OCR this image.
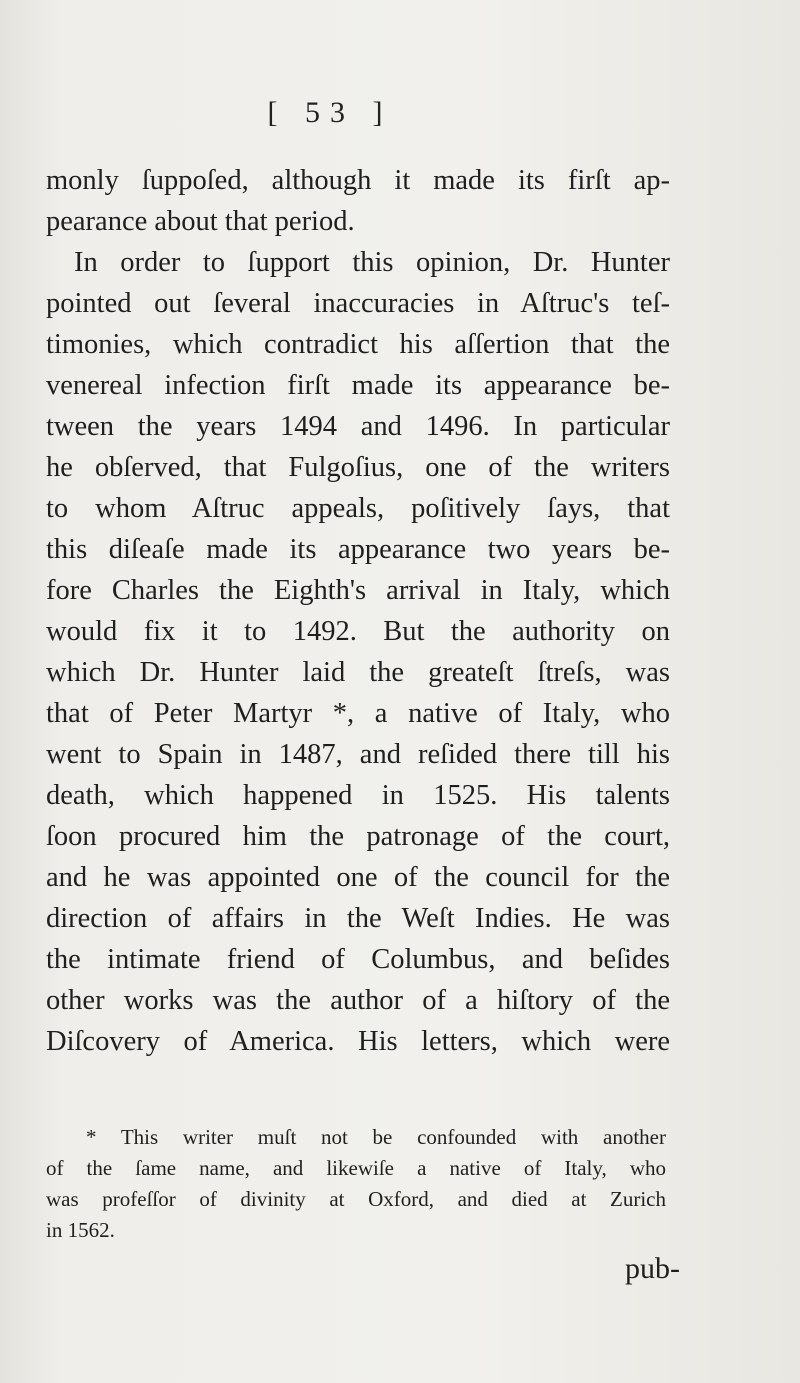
[ 53 ]
monly ſuppoſed, although it made its firſt ap-
pearance about that period.
In order to ſupport this opinion, Dr. Hunter
pointed out ſeveral inaccuracies in Aſtruc's teſ-
timonies, which contradict his aſſertion that the
venereal infection firſt made its appearance be-
tween the years 1494 and 1496. In particular
he obſerved, that Fulgoſius, one of the writers
to whom Aſtruc appeals, poſitively ſays, that
this diſeaſe made its appearance two years be-
fore Charles the Eighth's arrival in Italy, which
would fix it to 1492. But the authority on
which Dr. Hunter laid the greateſt ſtreſs, was
that of Peter Martyr *, a native of Italy, who
went to Spain in 1487, and reſided there till his
death, which happened in 1525. His talents
ſoon procured him the patronage of the court,
and he was appointed one of the council for the
direction of affairs in the Weſt Indies. He was
the intimate friend of Columbus, and beſides
other works was the author of a hiſtory of the
Diſcovery of America. His letters, which were
* This writer muſt not be confounded with another
of the ſame name, and likewiſe a native of Italy, who
was profeſſor of divinity at Oxford, and died at Zurich
in 1562.
pub-
